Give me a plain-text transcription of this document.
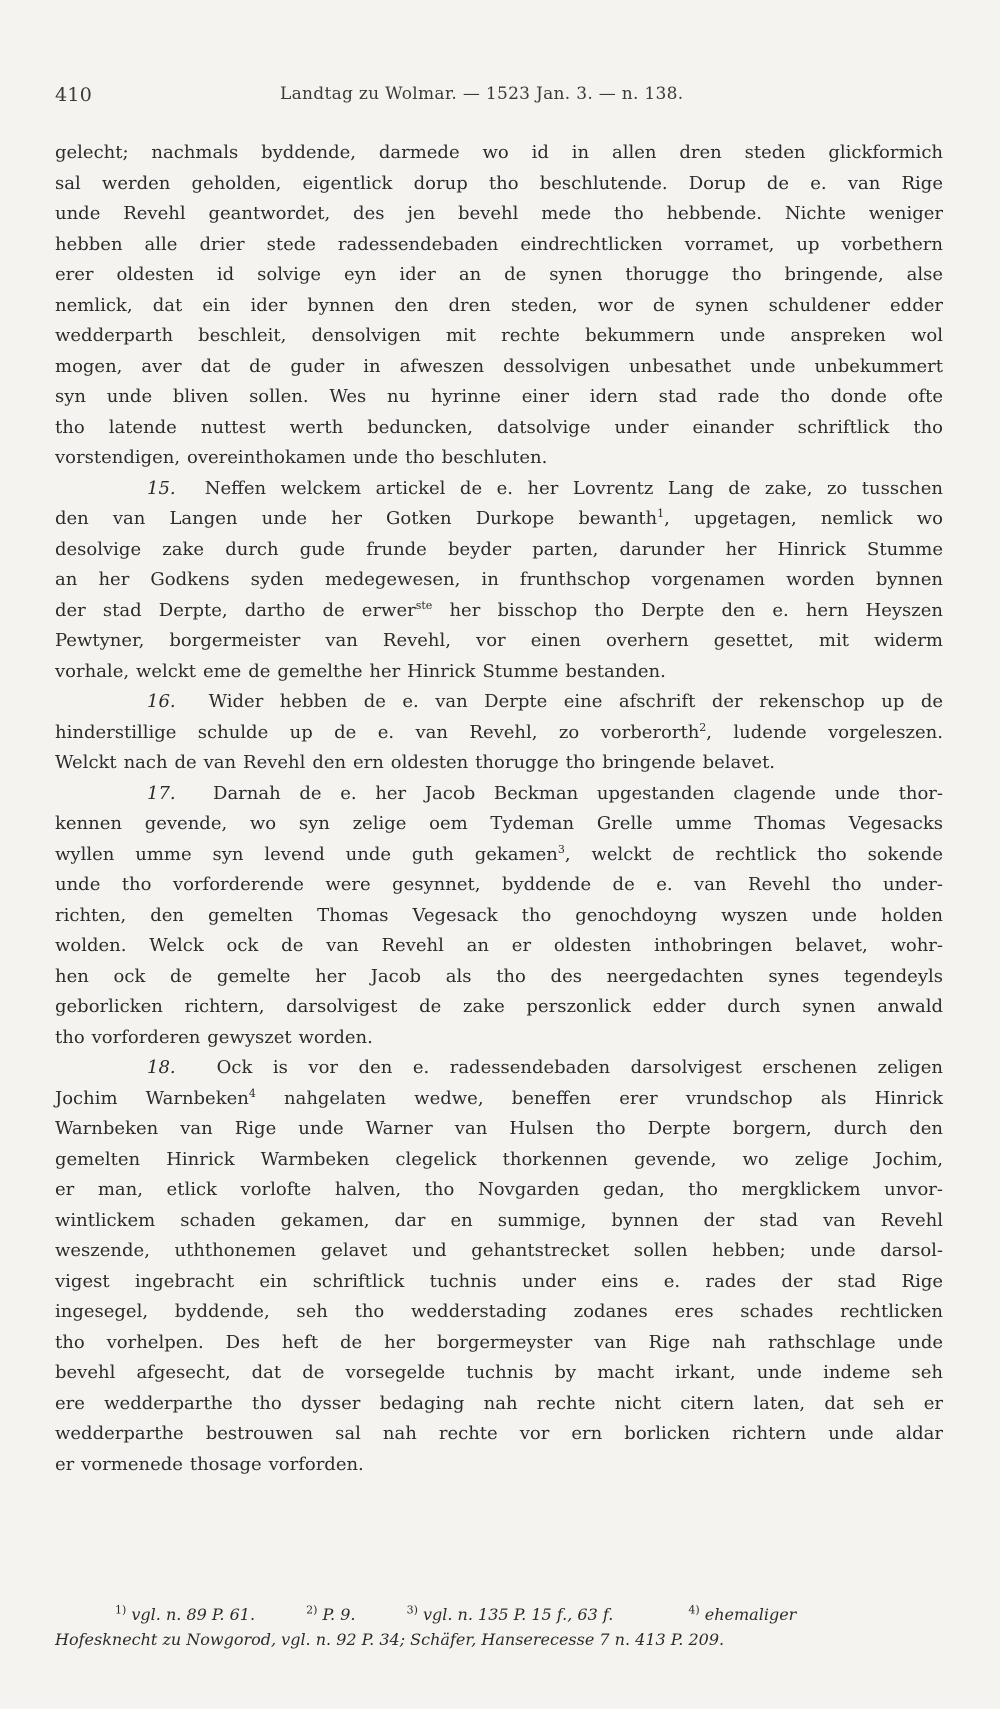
410	Landtag zu Wolmar. — 1523 Jan. 3. — n. 138.

gelecht; nachmals byddende, darmede wo id in allen dren steden glickformich
sal werden geholden, eigentlick dorup tho beschlutende. Dorup de e. van Rige
unde Revehl geantwordet, des jen bevehl mede tho hebbende. Nichte weniger
hebben alle drier stede radessendebaden eindrechtlicken vorramet, up vorbethern
erer oldesten id solvige eyn ider an de synen thorugge tho bringende, alse
nemlick, dat ein ider bynnen den dren steden, wor de synen schuldener edder
wedderparth beschleit, densolvigen mit rechte bekummern unde anspreken wol
mogen, aver dat de guder in afweszen dessolvigen unbesathet unde unbekummert
syn unde bliven sollen. Wes nu hyrinne einer idern stad rade tho donde ofte
tho latende nuttest werth beduncken, datsolvige under einander schriftlick tho
vorstendigen, overeinthokamen unde tho beschluten.

15. Neffen welckem artickel de e. her Lovrentz Lang de zake, zo tusschen
den van Langen unde her Gotken Durkope bewanth$^1$, upgetagen, nemlick wo
desolvige zake durch gude frunde beyder parten, darunder her Hinrick Stumme
an her Godkens syden medegewesen, in frunthschop vorgenamen worden bynnen
der stad Derpte, dartho de erwer$^{ste}$ her bisschop tho Derpte den e. hern Heyszen
Pewtyner, borgermeister van Revehl, vor einen overhern gesettet, mit widerm
vorhale, welckt eme de gemelthe her Hinrick Stumme bestanden.

16. Wider hebben de e. van Derpte eine afschrift der rekenschop up de
hinderstillige schulde up de e. van Revehl, zo vorberorth$^2$, ludende vorgeleszen.
Welckt nach de van Revehl den ern oldesten thorugge tho bringende belavet.

17. Darnah de e. her Jacob Beckman upgestanden clagende unde thor-
kennen gevende, wo syn zelige oem Tydeman Grelle umme Thomas Vegesacks
wyllen umme syn levend unde guth gekamen$^3$, welckt de rechtlick tho sokende
unde tho vorforderende were gesynnet, byddende de e. van Revehl tho under-
richten, den gemelten Thomas Vegesack tho genochdoyng wyszen unde holden
wolden. Welck ock de van Revehl an er oldesten inthobringen belavet, wohr-
hen ock de gemelte her Jacob als tho des neergedachten synes tegendeyls
geborlicken richtern, darsolvigest de zake perszonlick edder durch synen anwald
tho vorforderen gewyszet worden.

18. Ock is vor den e. radessendebaden darsolvigest erschenen zeligen
Jochim Warnbeken$^4$ nahgelaten wedwe, beneffen erer vrundschop als Hinrick
Warnbeken van Rige unde Warner van Hulsen tho Derpte borgern, durch den
gemelten Hinrick Warmbeken clegelick thorkennen gevende, wo zelige Jochim,
er man, etlick vorlofte halven, tho Novgarden gedan, tho mergklickem unvor-
wintlickem schaden gekamen, dar en summige, bynnen der stad van Revehl
weszende, uththonemen gelavet und gehantstrecket sollen hebben; unde darsol-
vigest ingebracht ein schriftlick tuchnis under eins e. rades der stad Rige
ingesegel, byddende, seh tho wedderstading zodanes eres schades rechtlicken
tho vorhelpen. Des heft de her borgermeyster van Rige nah rathschlage unde
bevehl afgesecht, dat de vorsegelde tuchnis by macht irkant, unde indeme seh
ere wedderparthe tho dysser bedaging nah rechte nicht citern laten, dat seh er
wedderparthe bestrouwen sal nah rechte vor ern borlicken richtern unde aldar
er vormenede thosage vorforden.

$^{1)}$ vgl. n. 89 P. 61.	$^{2)}$ P. 9.	$^{3)}$ vgl. n. 135 P. 15 f., 63 f.	$^{4)}$ ehemaliger
Hofesknecht zu Nowgorod, vgl. n. 92 P. 34; Schäfer, Hanserecesse 7 n. 413 P. 209.
